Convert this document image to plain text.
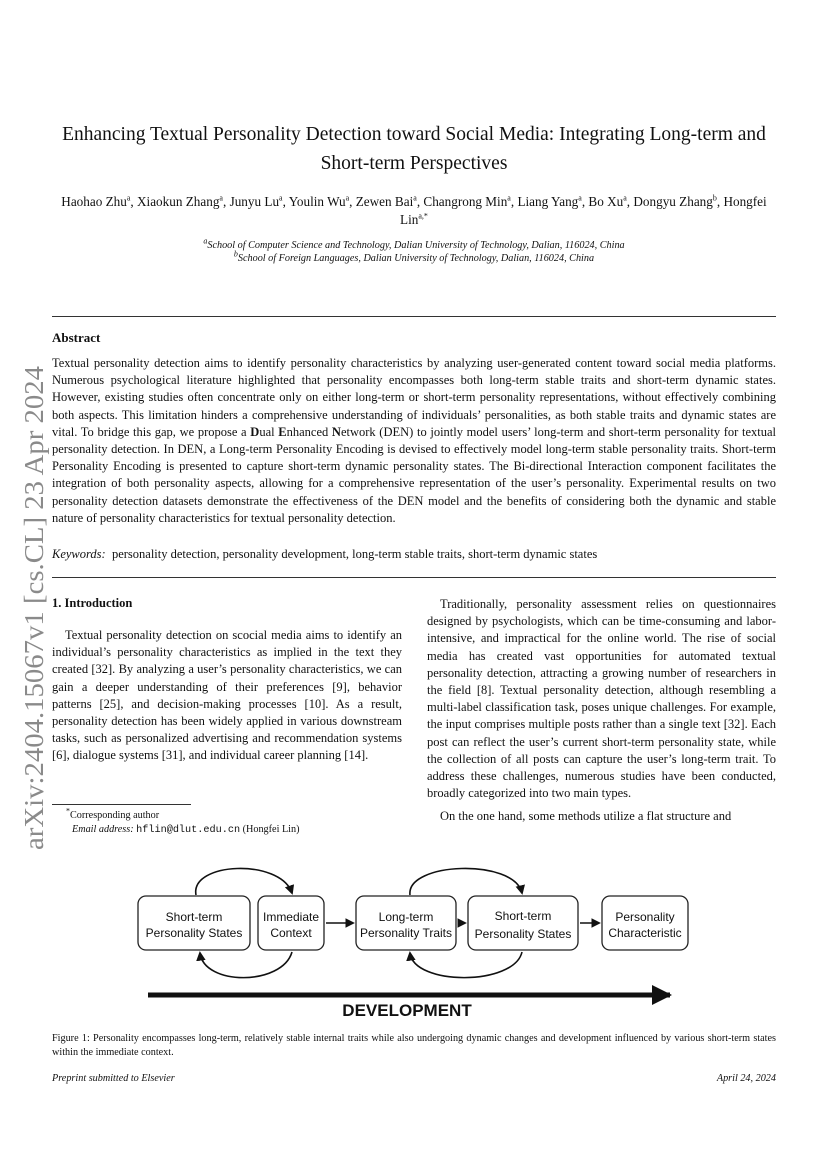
Enhancing Textual Personality Detection toward Social Media: Integrating Long-term and
Short-term Perspectives
Haohao Zhu$^a$, Xiaokun Zhang$^a$, Junyu Lu$^a$, Youlin Wu$^a$, Zewen Bai$^a$, Changrong Min$^a$, Liang Yang$^a$, Bo Xu$^a$, Dongyu Zhang$^b$, Hongfei Lin$^{a,*}$
$^a$School of Computer Science and Technology, Dalian University of Technology, Dalian, 116024, China
$^b$School of Foreign Languages, Dalian University of Technology, Dalian, 116024, China
Abstract
Textual personality detection aims to identify personality characteristics by analyzing user-generated content toward social media platforms. Numerous psychological literature highlighted that personality encompasses both long-term stable traits and short-term dynamic states. However, existing studies often concentrate only on either long-term or short-term personality representations, without effectively combining both aspects. This limitation hinders a comprehensive understanding of individuals’ personalities, as both stable traits and dynamic states are vital. To bridge this gap, we propose a Dual Enhanced Network (DEN) to jointly model users’ long-term and short-term personality for textual personality detection. In DEN, a Long-term Personality Encoding is devised to effectively model long-term stable personality traits. Short-term Personality Encoding is presented to capture short-term dynamic personality states. The Bi-directional Interaction component facilitates the integration of both personality aspects, allowing for a comprehensive representation of the user’s personality. Experimental results on two personality detection datasets demonstrate the effectiveness of the DEN model and the benefits of considering both the dynamic and stable nature of personality characteristics for textual personality detection.
Keywords: personality detection, personality development, long-term stable traits, short-term dynamic states
1. Introduction

Textual personality detection on scocial media aims to identify an individual’s personality characteristics as implied in the text they created [32]. By analyzing a user’s personality characteristics, we can gain a deeper understanding of their preferences [9], behavior patterns [25], and decision-making processes [10]. As a result, personality detection has been widely applied in various downstream tasks, such as personalized advertising and recommendation systems [6], dialogue systems [31], and individual career planning [14].

Traditionally, personality assessment relies on questionnaires designed by psychologists, which can be time-consuming and labor-intensive, and impractical for the online world. The rise of social media has created vast opportunities for automated textual personality detection, attracting a growing number of researchers in the field [8]. Textual personality detection, although resembling a multi-label classification task, poses unique challenges. For example, the input comprises multiple posts rather than a single text [32]. Each post can reflect the user’s current short-term personality state, while the collection of all posts can capture the user’s long-term trait. To address these challenges, numerous studies have been conducted, broadly categorized into two main types.

On the one hand, some methods utilize a flat structure and

*Corresponding author
Email address: hflin@dlut.edu.cn (Hongfei Lin)
arXiv:2404.15067v1 [cs.CL] 23 Apr 2024
Short-term
Personality States
Immediate
Context
Long-term
Personality Traits
Short-term
Personality States
Personality
Characteristic
DEVELOPMENT
Figure 1: Personality encompasses long-term, relatively stable internal traits while also undergoing dynamic changes and development influenced by various short-term states within the immediate context.
Preprint submitted to Elsevier	April 24, 2024
